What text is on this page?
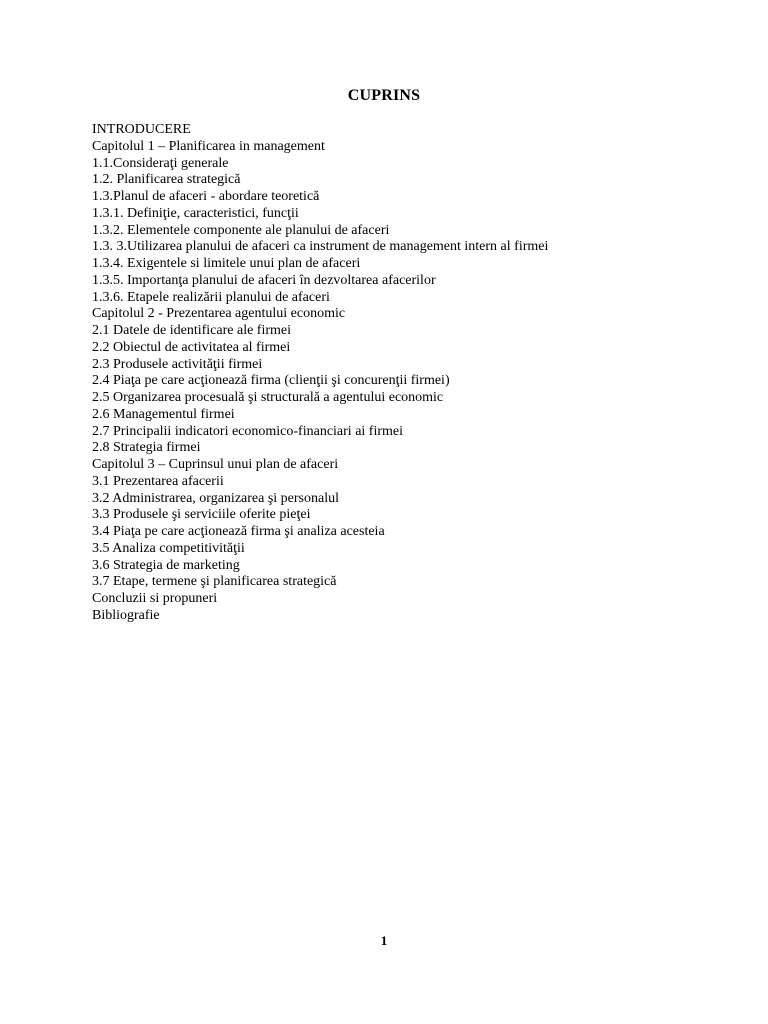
CUPRINS
INTRODUCERE
Capitolul 1 – Planificarea in management
1.1.Consideraţi generale
1.2. Planificarea strategică
1.3.Planul de afaceri - abordare teoretică
1.3.1. Definiţie, caracteristici, funcţii
1.3.2. Elementele componente ale planului de afaceri
1.3. 3.Utilizarea planului de afaceri ca instrument de management intern al firmei
1.3.4. Exigentele si limitele unui plan de afaceri
1.3.5. Importanţa planului de afaceri în dezvoltarea afacerilor
1.3.6. Etapele realizării planului de afaceri
Capitolul 2 - Prezentarea agentului economic
2.1 Datele de identificare ale firmei
2.2 Obiectul de activitatea al firmei
2.3 Produsele activităţii firmei
2.4 Piaţa pe care acţionează firma (clienţii şi concurenţii firmei)
2.5 Organizarea procesuală şi structurală a agentului economic
2.6 Managementul firmei
2.7 Principalii indicatori economico-financiari ai firmei
2.8 Strategia firmei
Capitolul 3 – Cuprinsul unui plan de afaceri
3.1 Prezentarea afacerii
3.2 Administrarea, organizarea şi personalul
3.3 Produsele şi serviciile oferite pieţei
3.4 Piaţa pe care acţionează firma şi analiza acesteia
3.5 Analiza competitivităţii
3.6 Strategia de marketing
3.7 Etape, termene şi planificarea strategică
Concluzii si propuneri
Bibliografie
1
